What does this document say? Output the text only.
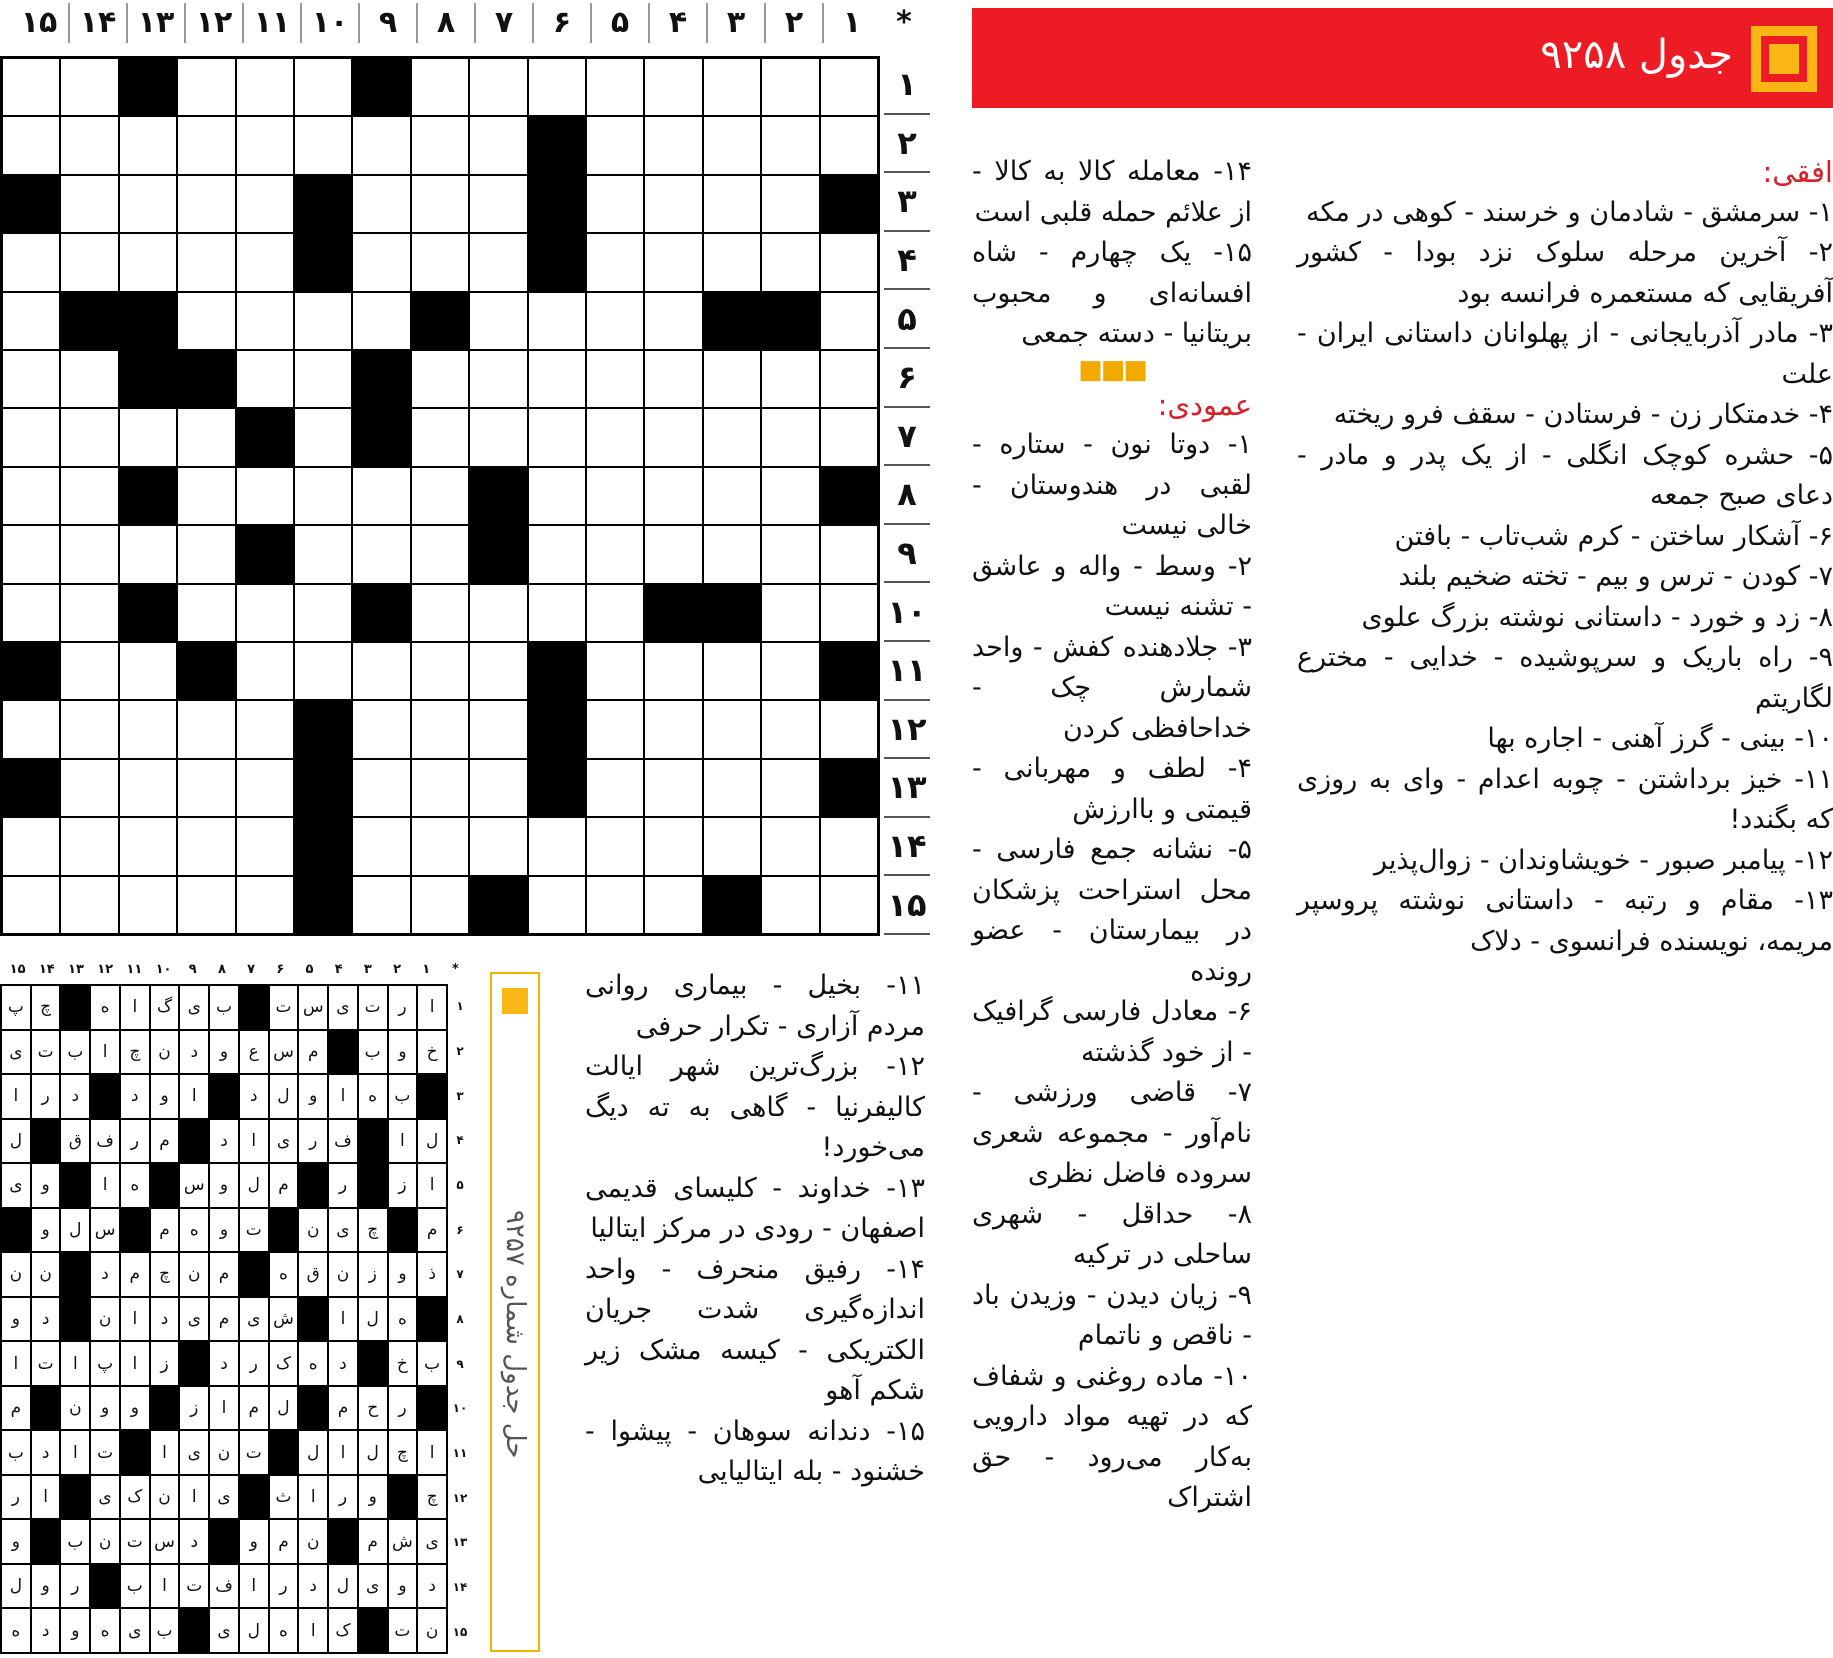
*
۱
۲
۳
۴
۵
۶
۷
۸
۹
۱۰
۱۱
۱۲
۱۳
۱۴
۱۵
۱
۲
۳
۴
۵
۶
۷
۸
۹
۱۰
۱۱
۱۲
۱۳
۱۴
۱۵
جدول ۹۲۵۸
افقی:
۱- سرمشق - شادمان و خرسند - کوهی در مکه
۲- آخرین مرحله سلوک نزد بودا - کشور آفریقایی که مستعمره فرانسه بود
۳- مادر آذربایجانی - از پهلوانان داستانی ایران - علت
۴- خدمتکار زن - فرستادن - سقف فرو ریخته
۵- حشره کوچک انگلی - از یک پدر و مادر - دعای صبح جمعه
۶- آشکار ساختن - کرم شب‌تاب - بافتن
۷- کودن - ترس و بیم - تخته ضخیم بلند
۸- زد و خورد - داستانی نوشته بزرگ علوی
۹- راه باریک و سرپوشیده - خدایی - مخترع لگاریتم
۱۰- بینی - گرز آهنی - اجاره بها
۱۱- خیز برداشتن - چوبه اعدام - وای به روزی که بگندد!
۱۲- پیامبر صبور - خویشاوندان - زوال‌پذیر
۱۳- مقام و رتبه - داستانی نوشته پروسپر مریمه، نویسنده فرانسوی - دلاک
۱۴- معامله کالا به کالا - از علائم حمله قلبی است
۱۵- یک چهارم - شاه افسانه‌ای و محبوب بریتانیا - دسته جمعی
■■■
عمودی:
۱- دوتا نون - ستاره - لقبی در هندوستان - خالی نیست
۲- وسط - واله و عاشق - تشنه نیست
۳- جلادهنده کفش - واحد شمارش چک - خداحافظی کردن
۴- لطف و مهربانی - قیمتی و باارزش
۵- نشانه جمع فارسی - محل استراحت پزشکان در بیمارستان - عضو رونده
۶- معادل فارسی گرافیک - از خود گذشته
۷- قاضی ورزشی - نام‌آور - مجموعه شعری سروده فاضل نظری
۸- حداقل - شهری ساحلی در ترکیه
۹- زیان دیدن - وزیدن باد - ناقص و ناتمام
۱۰- ماده روغنی و شفاف که در تهیه مواد دارویی به‌کار می‌رود - حق اشتراک
۱۱- بخیل - بیماری روانی مردم آزاری - تکرار حرفی
۱۲- بزرگ‌ترین شهر ایالت کالیفرنیا - گاهی به ته دیگ می‌خورد!
۱۳- خداوند - کلیسای قدیمی اصفهان - رودی در مرکز ایتالیا
۱۴- رفیق منحرف - واحد اندازه‌گیری شدت جریان الکتریکی - کیسه مشک زیر شکم آهو
۱۵- دندانه سوهان - پیشوا - خشنود - بله ایتالیایی
حل جدول شماره ۹۲۵۷
*
۱
۲
۳
۴
۵
۶
۷
۸
۹
۱۰
۱۱
۱۲
۱۳
۱۴
۱۵
ا
ر
ت
ی
س
ت
ب
ی
گ
ا
ه
چ
پ
خ
و
ب
م
س
ع
و
د
ن
چ
ا
ب
ت
ی
ب
ه
ا
و
ل
د
ا
و
د
د
ر
ا
ل
ا
ف
ر
ی
ا
د
م
ر
ف
ق
ل
ا
ز
ر
م
ل
و
س
ه
ا
و
ی
م
چ
ی
ن
ت
و
ه
م
س
ل
و
ذ
و
ز
ن
ق
ه
م
ن
چ
م
د
ن
ن
ه
ل
ا
ش
ی
م
ی
د
ا
ن
د
و
ب
خ
د
ه
ک
ر
د
ز
ا
پ
ا
ت
ا
ر
ح
م
ل
م
ا
ز
و
و
ن
م
ا
چ
ل
ا
ل
ت
ن
ی
ا
ت
ا
د
ب
چ
و
ر
ا
ث
ی
ا
ن
ک
ی
ا
ر
ی
ش
م
ن
م
و
د
س
ت
ن
ب
و
د
و
ی
ل
د
ر
ا
ف
ت
ا
ب
ر
و
ل
ن
ت
ک
ا
ه
ل
ی
ب
ی
ه
و
د
ه
۱
۲
۳
۴
۵
۶
۷
۸
۹
۱۰
۱۱
۱۲
۱۳
۱۴
۱۵
